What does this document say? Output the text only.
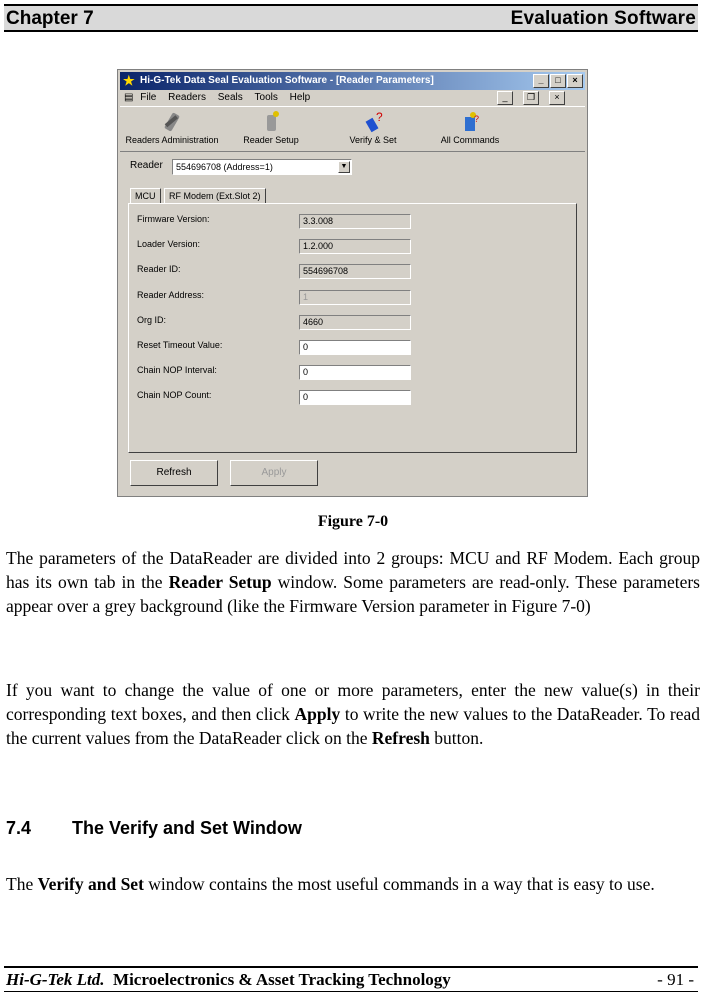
Chapter 7	Evaluation Software
★ Hi-G-Tek Data Seal Evaluation Software - [Reader Parameters]	_ □ ×
▤ File Readers Seals Tools Help	_ ❐ ×
Readers Administration	Reader Setup
?
Verify & Set
?
All Commands
Reader	554696708 (Address=1)	▼
MCU	RF Modem (Ext.Slot 2)
Firmware Version:	3.3.008
Loader Version:	1.2.000
Reader ID:	554696708
Reader Address:	1
Org ID:	4660
Reset Timeout Value:	0
Chain NOP Interval:	0
Chain NOP Count:	0
Refresh	Apply
Figure 7-0
The parameters of the DataReader are divided into 2 groups: MCU and RF Modem. Each group has its own tab in the Reader Setup window. Some parameters are read-only. These parameters appear over a grey background (like the Firmware Version parameter in Figure 7-0)
If you want to change the value of one or more parameters, enter the new value(s) in their corresponding text boxes, and then click Apply to write the new values to the DataReader. To read the current values from the DataReader click on the Refresh button.
7.4 The Verify and Set Window
The Verify and Set window contains the most useful commands in a way that is easy to use.
Hi-G-Tek Ltd. Microelectronics & Asset Tracking Technology	- 91 -
